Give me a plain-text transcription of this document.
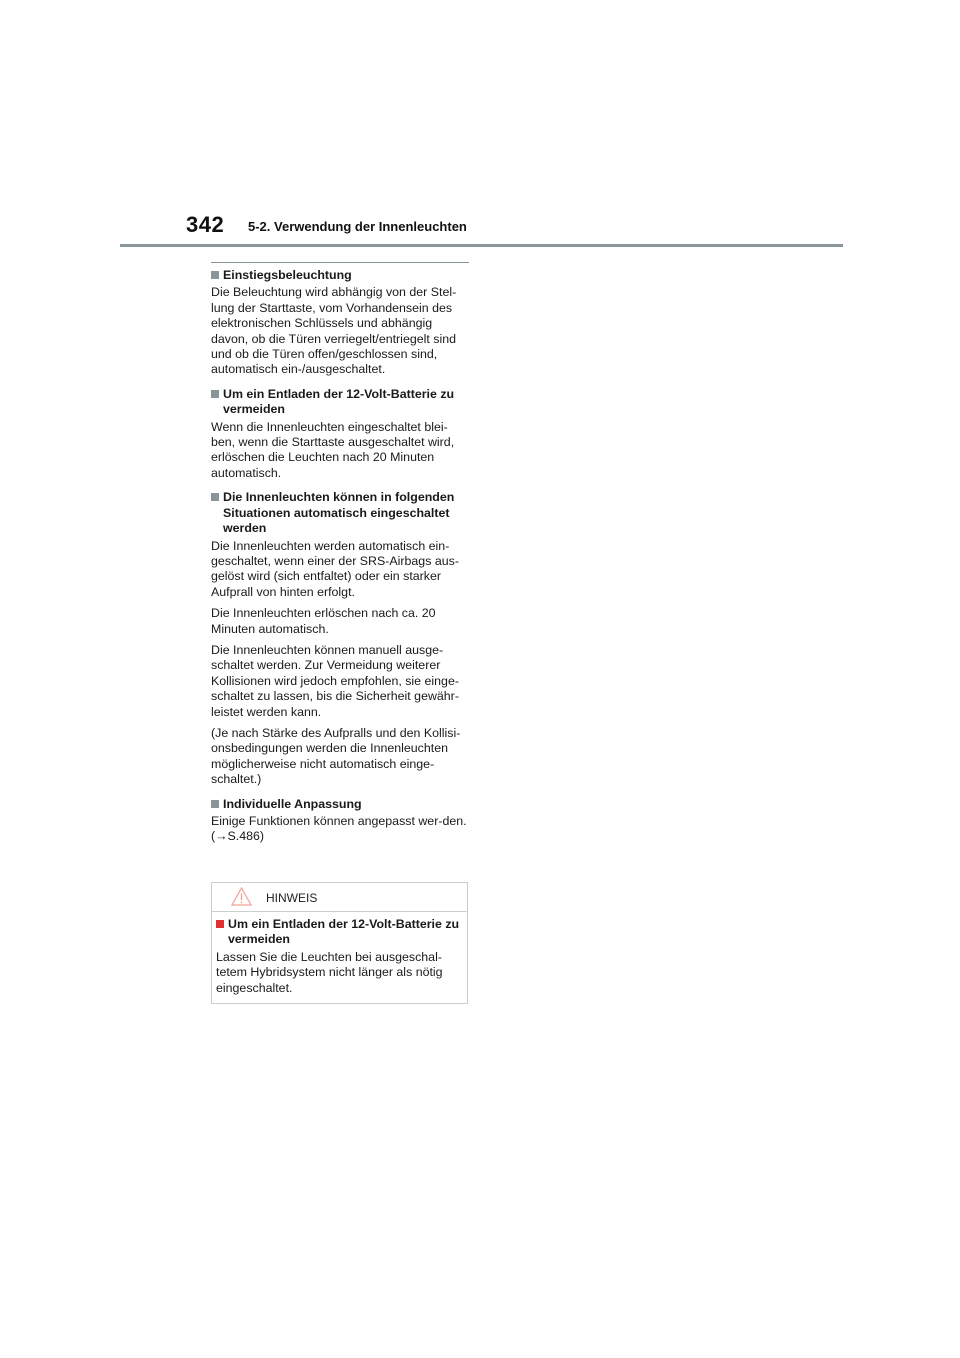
342 5-2. Verwendung der Innenleuchten
Einstiegsbeleuchtung

Die Beleuchtung wird abhängig von der Stel-lung der Starttaste, vom Vorhandensein des elektronischen Schlüssels und abhängig davon, ob die Türen verriegelt/entriegelt sind und ob die Türen offen/geschlossen sind, automatisch ein-/ausgeschaltet.

Um ein Entladen der 12-Volt-Batterie zu vermeiden

Wenn die Innenleuchten eingeschaltet blei-ben, wenn die Starttaste ausgeschaltet wird, erlöschen die Leuchten nach 20 Minuten automatisch.

Die Innenleuchten können in folgenden Situationen automatisch eingeschaltet werden

Die Innenleuchten werden automatisch ein-geschaltet, wenn einer der SRS-Airbags aus-gelöst wird (sich entfaltet) oder ein starker Aufprall von hinten erfolgt.

Die Innenleuchten erlöschen nach ca. 20 Minuten automatisch.

Die Innenleuchten können manuell ausge-schaltet werden. Zur Vermeidung weiterer Kollisionen wird jedoch empfohlen, sie einge-schaltet zu lassen, bis die Sicherheit gewähr-leistet werden kann.

(Je nach Stärke des Aufpralls und den Kollisi-onsbedingungen werden die Innenleuchten möglicherweise nicht automatisch einge-schaltet.)

Individuelle Anpassung

Einige Funktionen können angepasst wer-den. (→S.486)

HINWEIS
Um ein Entladen der 12-Volt-Batterie zu vermeiden

Lassen Sie die Leuchten bei ausgeschal-tetem Hybridsystem nicht länger als nötig eingeschaltet.
